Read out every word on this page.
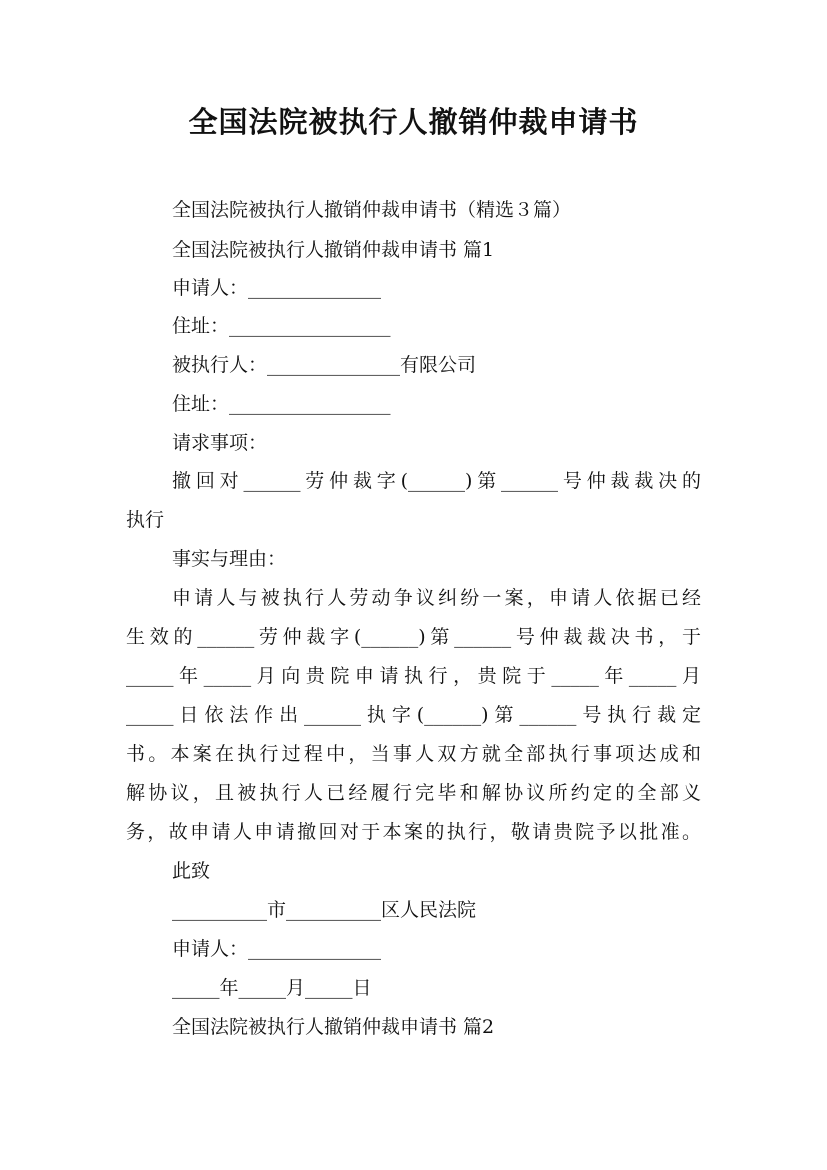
全国法院被执行人撤销仲裁申请书
全国法院被执行人撤销仲裁申请书（精选３篇）
全国法院被执行人撤销仲裁申请书 篇1
申请人：______________
住址：_________________
被执行人：______________有限公司
住址：_________________
请求事项：
撤回对______劳仲裁字(______)第______号仲裁裁决的
执行
事实与理由：
申请人与被执行人劳动争议纠纷一案，申请人依据已经
生效的______劳仲裁字(______)第______号仲裁裁决书，于
_____年_____月向贵院申请执行，贵院于_____年_____月
_____日依法作出______执字(______)第______号执行裁定
书。本案在执行过程中，当事人双方就全部执行事项达成和
解协议，且被执行人已经履行完毕和解协议所约定的全部义
务，故申请人申请撤回对于本案的执行，敬请贵院予以批准。
此致
__________市__________区人民法院
申请人：______________
_____年_____月_____日
全国法院被执行人撤销仲裁申请书 篇2
